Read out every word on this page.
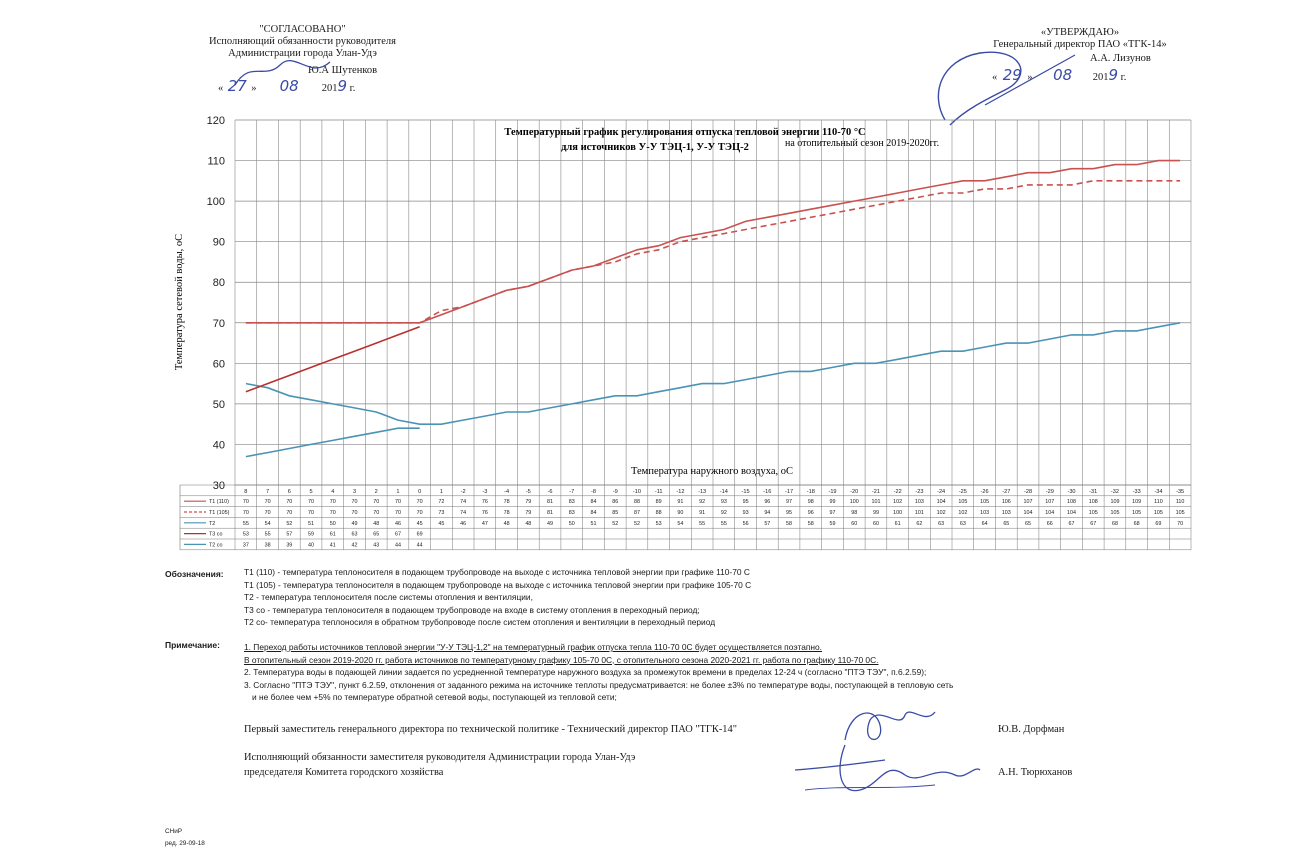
"СОГЛАСОВАНО"
Исполняющий обязанности руководителя
Администрации города Улан-Удэ
Ю.А Шутенков
« 27 » 08 2019 г.
«УТВЕРЖДАЮ»
Генеральный директор ПАО «ТГК-14»
А.А. Лизунов
« 29 » 08 2019 г.
8	7	6	5	4	3	2	1	0	1	-2	-3	-4	-5	-6	-7	-8	-9	-10 -11 -12 -13 -14 -15 -16 -17 -18 -19 -20 -21 -22 -23 -24 -25 -26 -27 -28 -29 -30 -31 -32 -33 -34 -35
Т1 (110)	70	70	70	70	70	70	70	70	70	72	74	76	78	79	81	83	84	86	88	89	91	92	93	95	96	97	98	99	100 101 102 103 104 105 105 106 107 107 108 108 109 109 110 110
Т1 (105) 70	70	70	70	70	70	70	70	70	73	74	76	78	79	81	83	84	85	87	88	90	91	92	93	94	95	96	97	98	99	100 101 102 102 103 103 104 104 104 105 105 105 105 105
Т2	55	54	52	51	50	49	48	46	45	45	46	47	48	48	49	50	51	52	52	53	54	55	55	56	57	58	58	59	60	60	61	62	63	63	64	65	65	66	67	67	68	68	69	70
Т3 со	53	55	57	59	61	63	65	67	69
Т2 со	37	38	39	40	41	42	43	44	44
30
40
50
60
70
80
90
100
110
120
Температурный график регулирования отпуска тепловой энергии 110-70 °С
для источников У-У ТЭЦ-1, У-У ТЭЦ-2	на отопительный сезон 2019-2020гг.
Температура сетевой воды, оС
Температура наружного воздуха, оС
Обозначения: Т1 (110) - температура теплоносителя в подающем трубопроводе на выходе с источника тепловой энергии при графике 110-70 С
Т1 (105) - температура теплоносителя в подающем трубопроводе на выходе с источника тепловой энергии при графике 105-70 С
Т2 - температура теплоносителя после системы отопления и вентиляции,
Т3 со - температура теплоносителя в подающем трубопроводе на входе в систему отопления в переходный период;
Т2 со- температура теплоносиля в обратном трубопроводе после систем отопления и вентиляции в переходный период
Примечание:	1. Переход работы источников тепловой энергии "У-У ТЭЦ-1,2" на температурный график отпуска тепла 110-70 0С будет осуществляется поэтапно.
В отопительный сезон 2019-2020 гг. работа источников по температурному графику 105-70 0С, с отопительного сезона 2020-2021 гг. работа по графику 110-70 0С.
2. Температура воды в подающей линии задается по усредненной температуре наружного воздуха за промежуток времени в пределах 12-24 ч (согласно "ПТЭ ТЭУ", п.6.2.59);
3. Согласно "ПТЭ ТЭУ", пункт 6.2.59, отклонения от заданного режима на источнике теплоты предусматривается: не более ±3% по температуре воды, поступающей в тепловую сеть
и не более чем +5% по температуре обратной сетевой воды, поступающей из тепловой сети;
Первый заместитель генерального директора по технической политике - Технический директор ПАО "ТГК-14"	Ю.В. Дорфман
Исполняющий обязанности заместителя руководителя Администрации города Улан-Удэ
председателя Комитета городского хозяйства	А.Н. Тюрюханов
СНиР
ред. 29-09-18
